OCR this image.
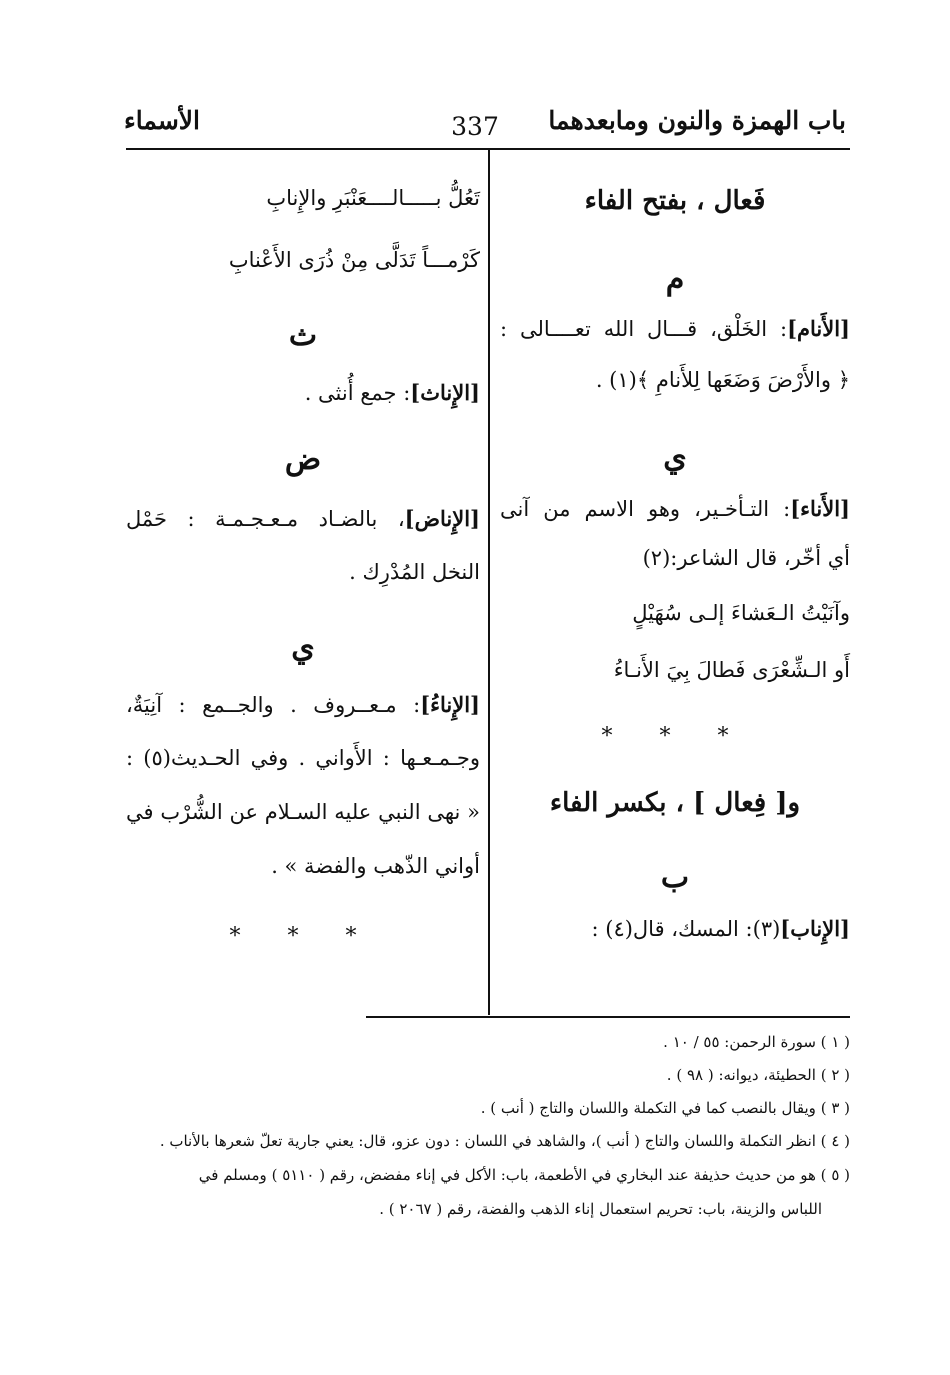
باب الهمزة والنون ومابعدهما
الأسماء	337
فَعال ، بفتح الفاء
م
[الأَنام]: الخَلْق، قـــال الله تعــــالى :
﴿ والأَرْضَ وَضَعَها لِلأَنامِ ﴾(١) .
ي
[الأَناء]: التـأخـير، وهو الاسم من آنى
أي أخّر، قال الشاعر:(٢)
وآنَيْتُ الـعَشاءَ إلـى سُهَيْلٍ
أَو الـشِّعْرَى فَطالَ بِيَ الأَنـاءُ
* * *
و[ فِعال ] ، بكسر الفاء
ب
[الإِناب](٣): المسك، قال(٤) :
تَعُلُّ بـــــالــــعَنْبَرِ والإِنابِ
كَرْمـــاً تَدَلَّى مِنْ ذُرَى الأَعْنابِ
ث
[الإِناث]: جمع أُنثى .
ض
[الإِناض]، بالضـاد مـعـجـمـة : حَمْل
النخل المُدْرِك .
ي
[الإِناءُ]: مـعــروف . والجــمع : آنِيَةٌ،
وجـمـعـها : الأَواني . وفي الحـديث(٥) :
« نهى النبي عليه السـلام عن الشُّرْب في
أواني الذّهب والفضة » .
* * *
( ١ ) سورة الرحمن: ٥٥ / ١٠ .
( ٢ ) الحطيئة، ديوانه: ( ٩٨ ) .
( ٣ ) ويقال بالنصب كما في التكملة واللسان والتاج ( أنب ) .
( ٤ ) انظر التكملة واللسان والتاج ( أنب )، والشاهد في اللسان : دون عزو، قال: يعني جارية تعلّ شعرها بالأناب .
( ٥ ) هو من حديث حذيفة عند البخاري في الأطعمة، باب: الأكل في إناء مفضض، رقم ( ٥١١٠ ) ومسلم في
اللباس والزينة، باب: تحريم استعمال إناء الذهب والفضة، رقم ( ٢٠٦٧ ) .
